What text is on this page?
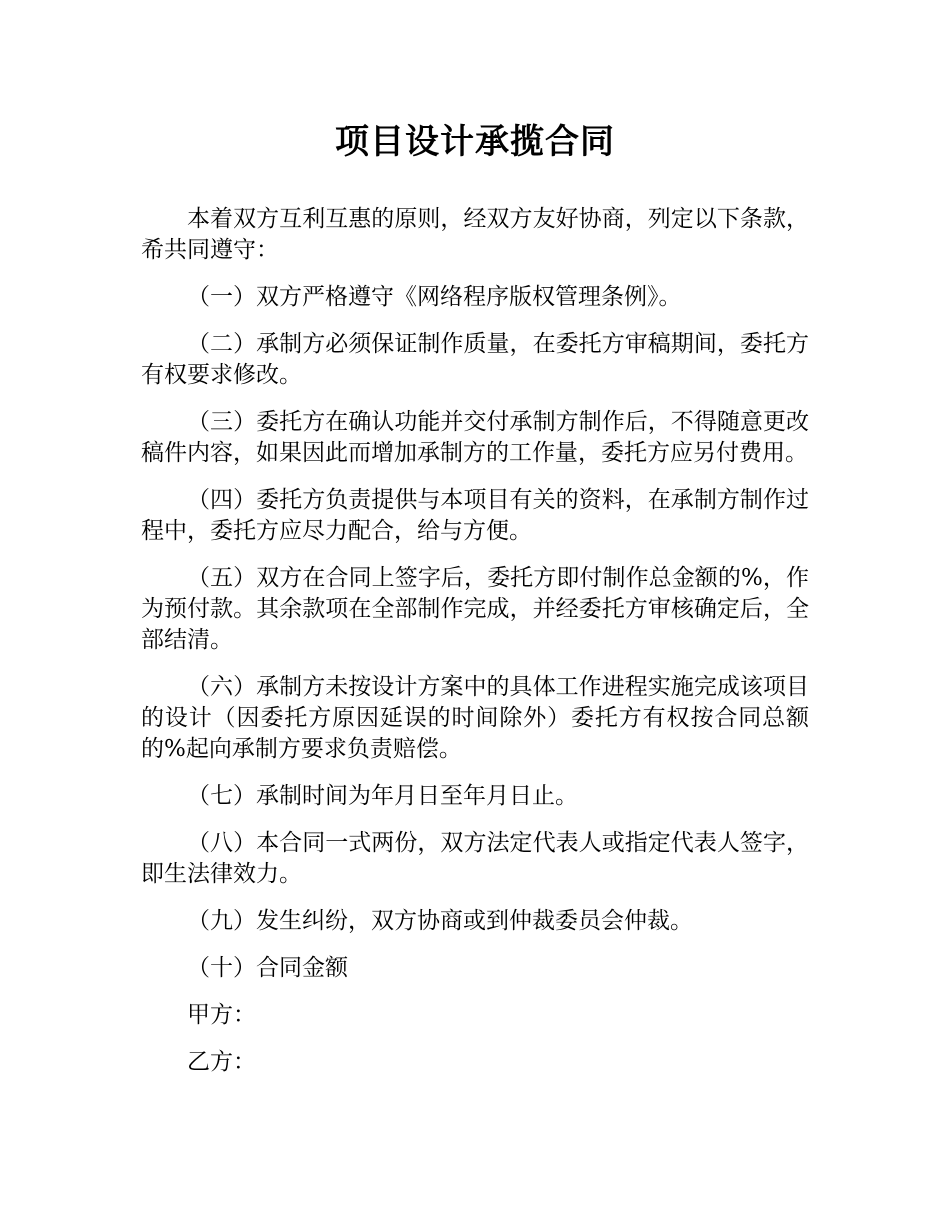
项目设计承揽合同

本着双方互利互惠的原则，经双方友好协商，列定以下条款，希共同遵守：

（一）双方严格遵守《网络程序版权管理条例》。

（二）承制方必须保证制作质量，在委托方审稿期间，委托方有权要求修改。

（三）委托方在确认功能并交付承制方制作后，不得随意更改稿件内容，如果因此而增加承制方的工作量，委托方应另付费用。

（四）委托方负责提供与本项目有关的资料，在承制方制作过程中，委托方应尽力配合，给与方便。

（五）双方在合同上签字后，委托方即付制作总金额的%，作为预付款。其余款项在全部制作完成，并经委托方审核确定后，全部结清。

（六）承制方未按设计方案中的具体工作进程实施完成该项目的设计（因委托方原因延误的时间除外）委托方有权按合同总额的%起向承制方要求负责赔偿。

（七）承制时间为年月日至年月日止。

（八）本合同一式两份，双方法定代表人或指定代表人签字，即生法律效力。

（九）发生纠纷，双方协商或到仲裁委员会仲裁。

（十）合同金额

甲方：

乙方：
